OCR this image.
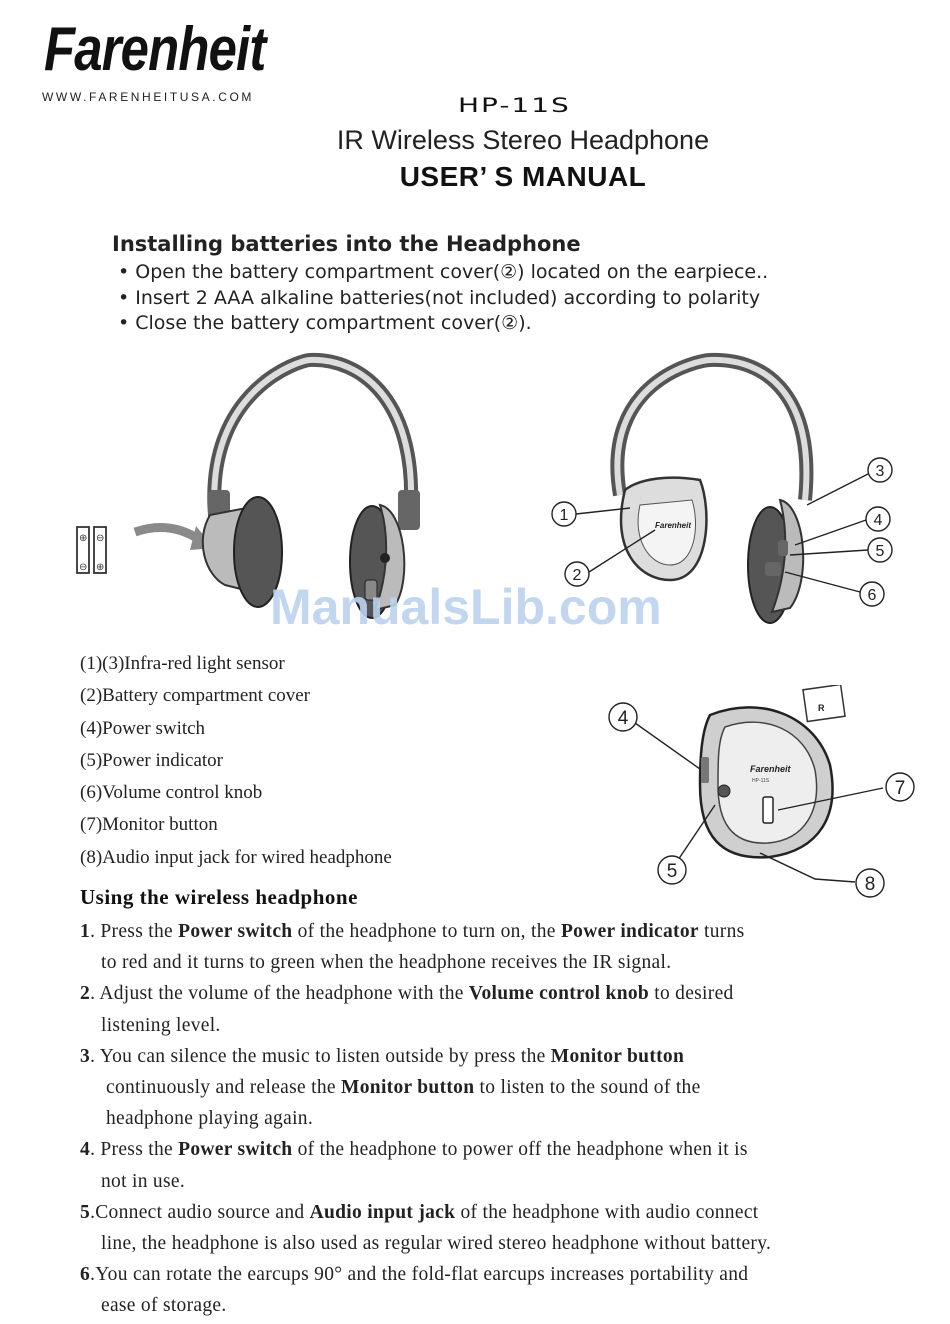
Farenheit
WWW.FARENHEITUSA.COM	HP-11S
IR Wireless Stereo Headphone
USER’ S MANUAL
Installing batteries into the Headphone
• Open the battery compartment cover(②) located on the earpiece..
• Insert 2 AAA alkaline batteries(not included) according to polarity
• Close the battery compartment cover(②).
⊕ ⊖
⊖ ⊕
Farenheit
1
2
3
4
5
6
ManualsLib.com
(1)(3)Infra-red light sensor
(2)Battery compartment cover
(4)Power switch
(5)Power indicator
(6)Volume control knob
(7)Monitor button
(8)Audio input jack for wired headphone
R
Farenheit
HP-11S
4
7
5
8
Using the wireless headphone
1. Press the Power switch of the headphone to turn on, the Power indicator turns
to red and it turns to green when the headphone receives the IR signal.
2. Adjust the volume of the headphone with the Volume control knob to desired
listening level.
3. You can silence the music to listen outside by press the Monitor button
continuously and release the Monitor button to listen to the sound of the
headphone playing again.
4. Press the Power switch of the headphone to power off the headphone when it is
not in use.
5.Connect audio source and Audio input jack of the headphone with audio connect
line, the headphone is also used as regular wired stereo headphone without battery.
6.You can rotate the earcups 90° and the fold-flat earcups increases portability and
ease of storage.
